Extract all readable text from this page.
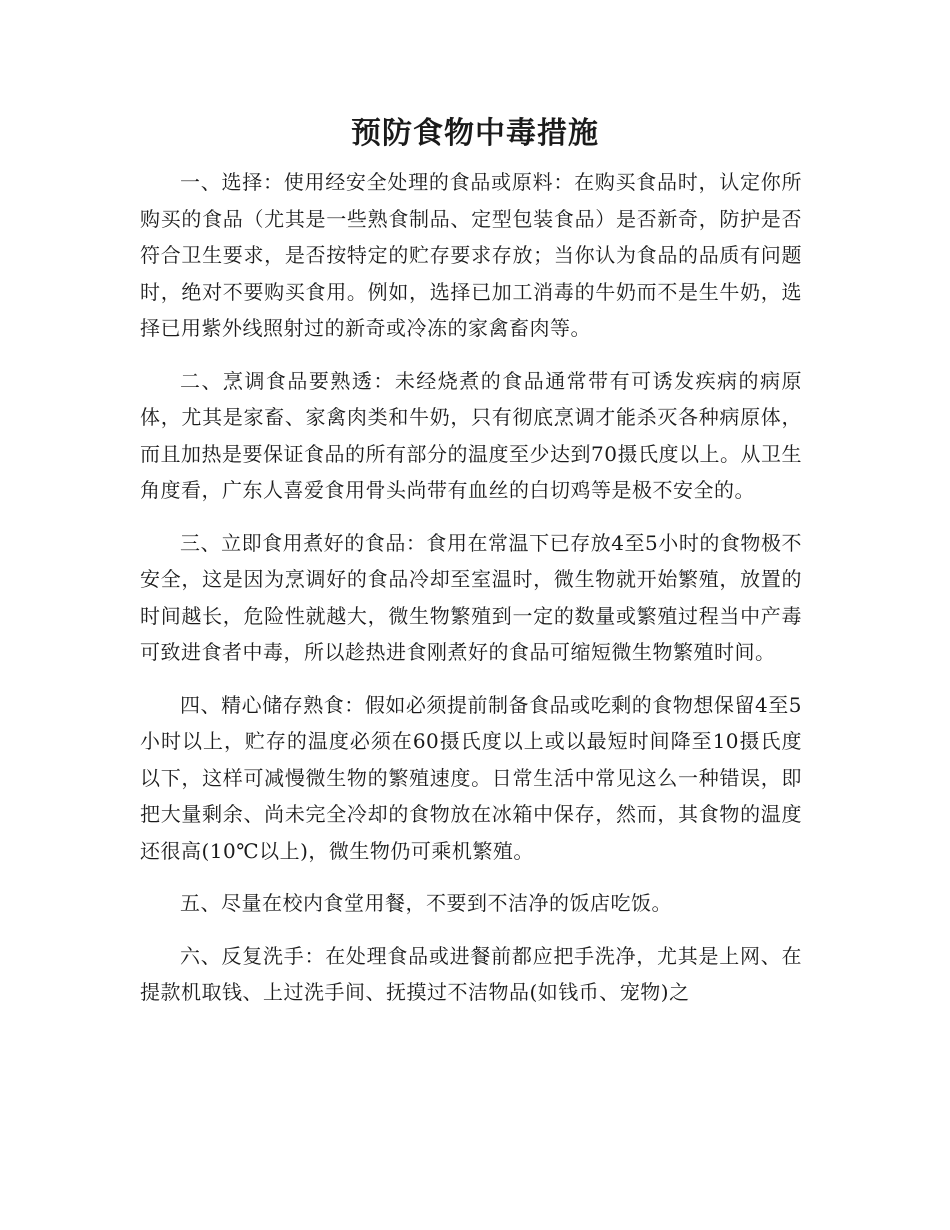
预防食物中毒措施

一、选择：使用经安全处理的食品或原料：在购买食品时，认定你所购买的食品（尤其是一些熟食制品、定型包装食品）是否新奇，防护是否符合卫生要求，是否按特定的贮存要求存放；当你认为食品的品质有问题时，绝对不要购买食用。例如，选择已加工消毒的牛奶而不是生牛奶，选择已用紫外线照射过的新奇或冷冻的家禽畜肉等。

二、烹调食品要熟透：未经烧煮的食品通常带有可诱发疾病的病原体，尤其是家畜、家禽肉类和牛奶，只有彻底烹调才能杀灭各种病原体，而且加热是要保证食品的所有部分的温度至少达到70摄氏度以上。从卫生角度看，广东人喜爱食用骨头尚带有血丝的白切鸡等是极不安全的。

三、立即食用煮好的食品：食用在常温下已存放4至5小时的食物极不安全，这是因为烹调好的食品冷却至室温时，微生物就开始繁殖，放置的时间越长，危险性就越大，微生物繁殖到一定的数量或繁殖过程当中产毒可致进食者中毒，所以趁热进食刚煮好的食品可缩短微生物繁殖时间。

四、精心储存熟食：假如必须提前制备食品或吃剩的食物想保留4至5小时以上，贮存的温度必须在60摄氏度以上或以最短时间降至10摄氏度以下，这样可减慢微生物的繁殖速度。日常生活中常见这么一种错误，即把大量剩余、尚未完全冷却的食物放在冰箱中保存，然而，其食物的温度还很高(10℃以上)，微生物仍可乘机繁殖。

五、尽量在校内食堂用餐，不要到不洁净的饭店吃饭。

六、反复洗手：在处理食品或进餐前都应把手洗净，尤其是上网、在提款机取钱、上过洗手间、抚摸过不洁物品(如钱币、宠物)之
